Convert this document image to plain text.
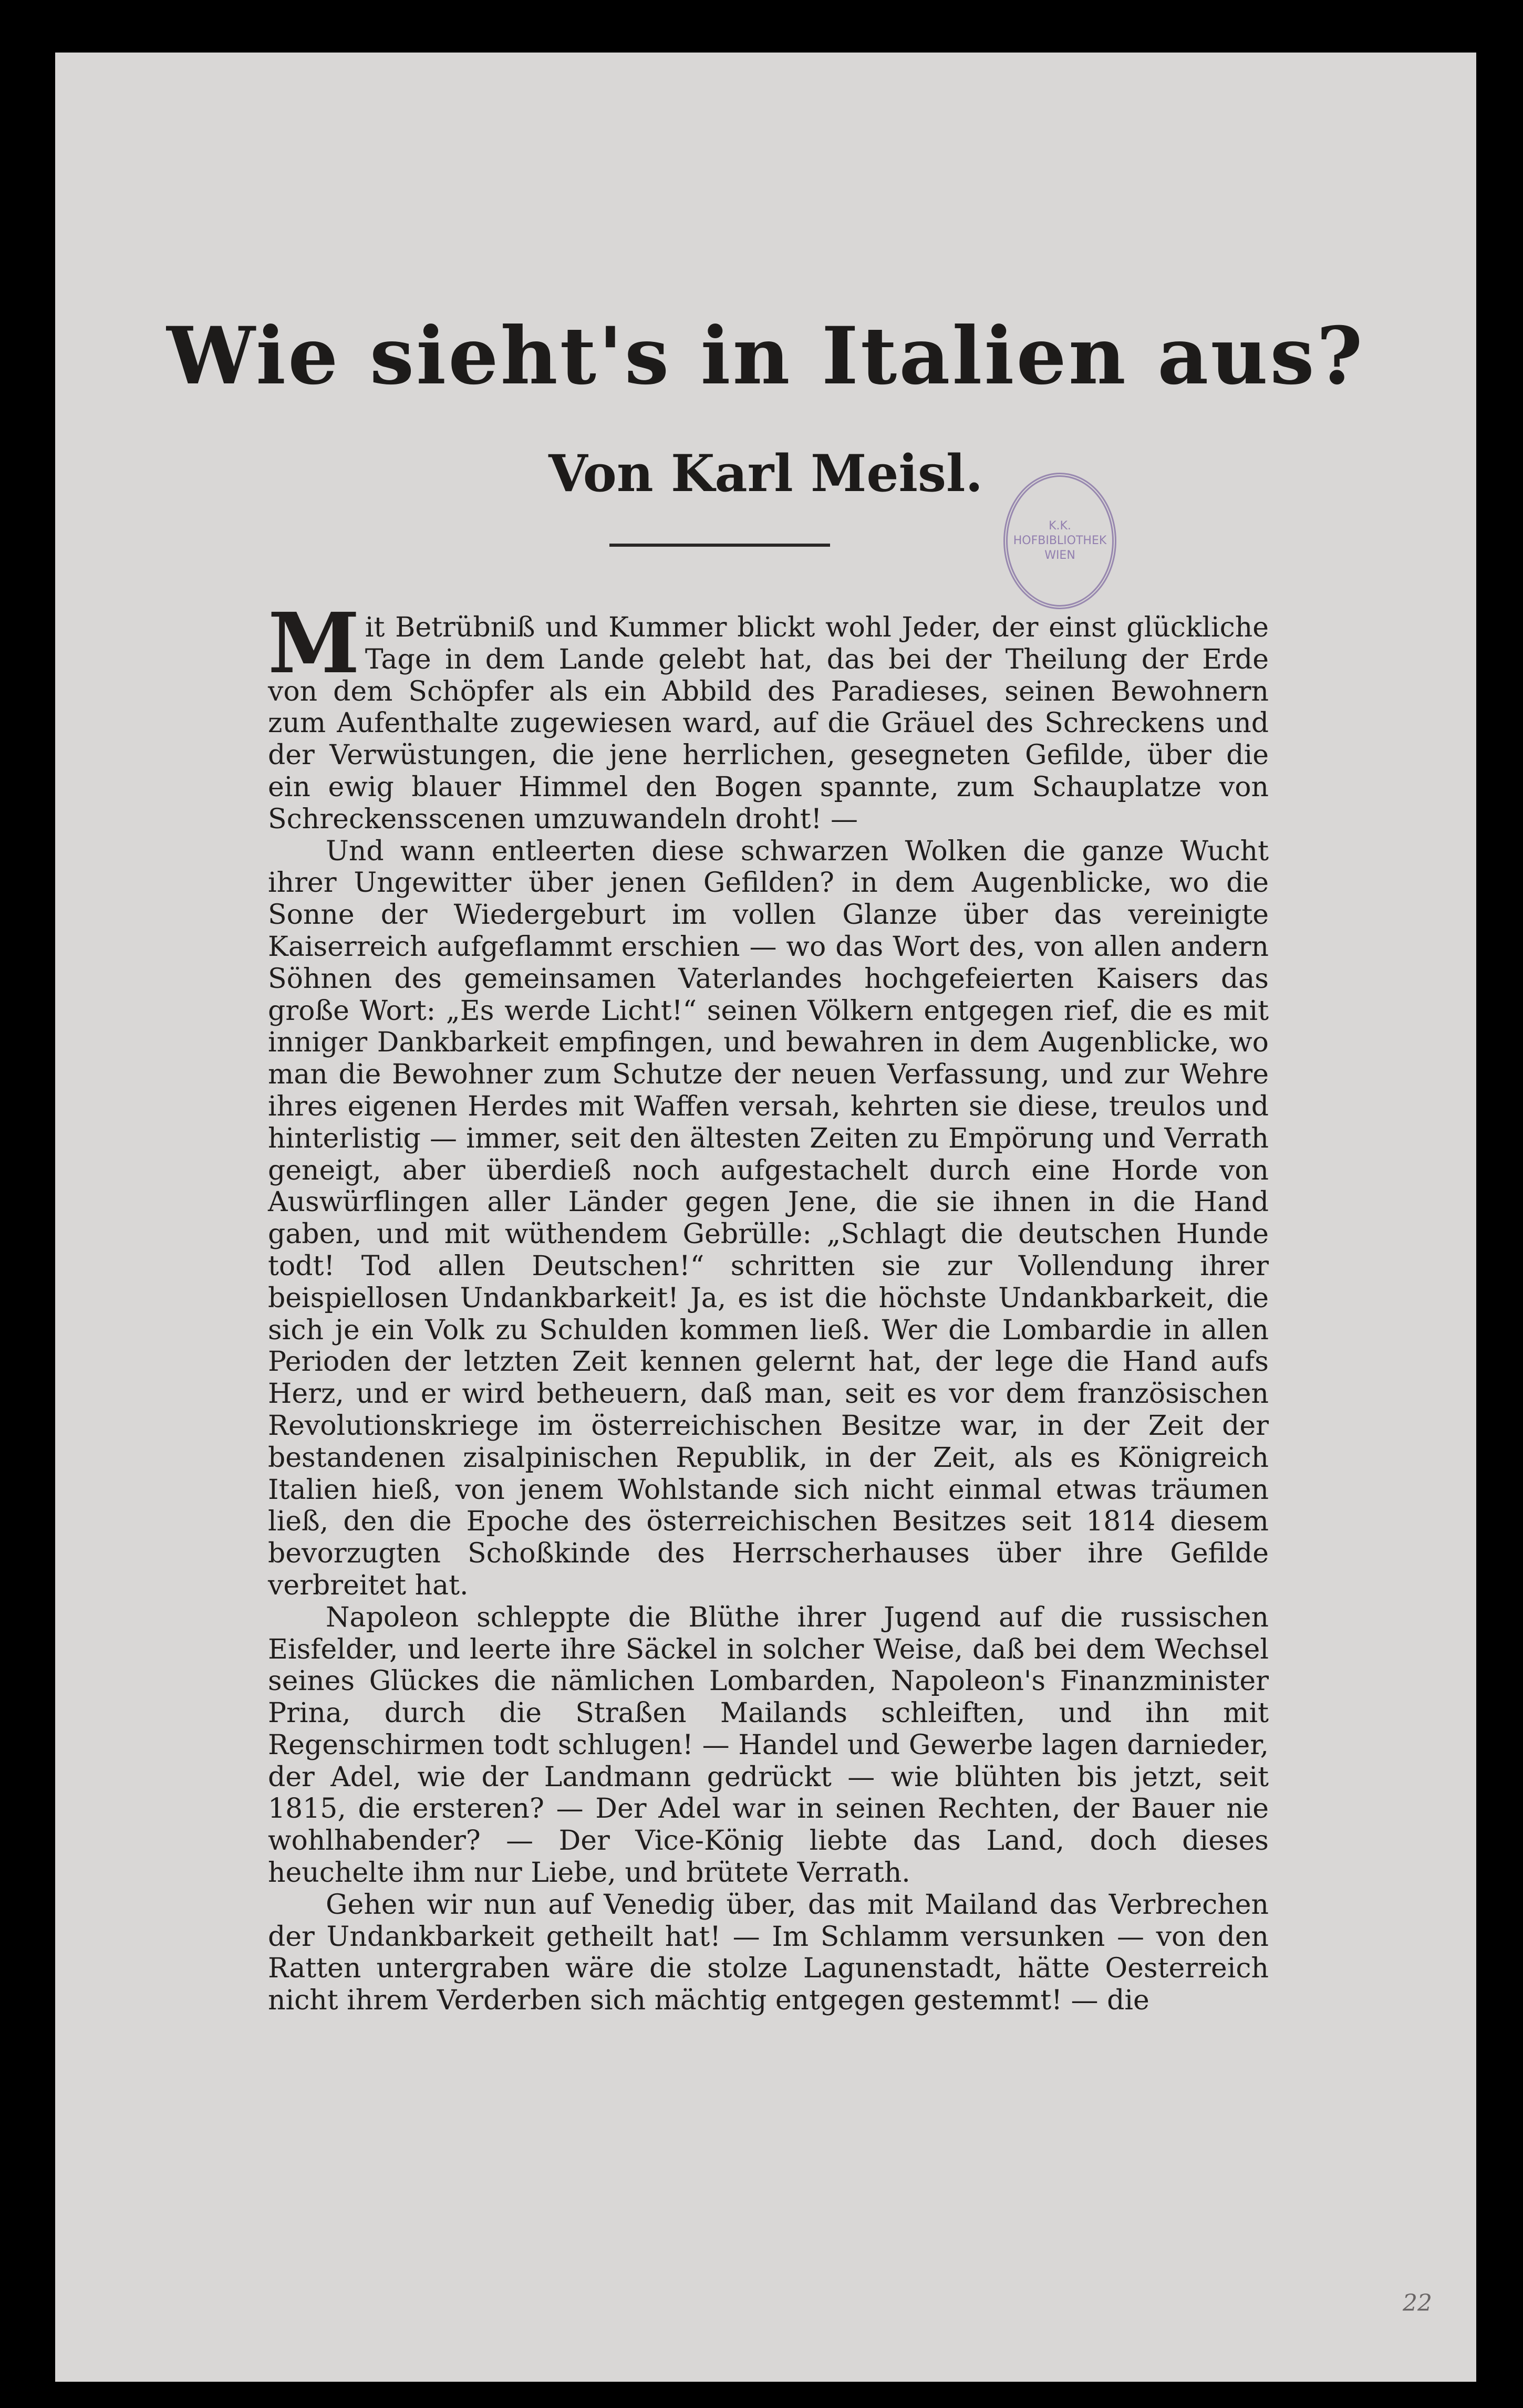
Wie sieht's in Italien aus?
Von Karl Meisl.
K.K. HOFBIBLIOTHEK WIEN

Mit Betrübniß und Kummer blickt wohl Jeder, der einst glückliche Tage in dem Lande gelebt hat, das bei der Theilung der Erde von dem Schöpfer als ein Abbild des Paradieses, seinen Bewohnern zum Aufenthalte zugewiesen ward, auf die Gräuel des Schreckens und der Verwüstungen, die jene herrlichen, gesegneten Gefilde, über die ein ewig blauer Himmel den Bogen spannte, zum Schauplatze von Schreckensscenen umzuwandeln droht! —

Und wann entleerten diese schwarzen Wolken die ganze Wucht ihrer Ungewitter über jenen Gefilden? in dem Augenblicke, wo die Sonne der Wiedergeburt im vollen Glanze über das vereinigte Kaiserreich aufgeflammt erschien — wo das Wort des, von allen andern Söhnen des gemeinsamen Vaterlandes hochgefeierten Kaisers das große Wort: „Es werde Licht!“ seinen Völkern entgegen rief, die es mit inniger Dankbarkeit empfingen, und bewahren in dem Augenblicke, wo man die Bewohner zum Schutze der neuen Verfassung, und zur Wehre ihres eigenen Herdes mit Waffen versah, kehrten sie diese, treulos und hinterlistig — immer, seit den ältesten Zeiten zu Empörung und Verrath geneigt, aber überdieß noch aufgestachelt durch eine Horde von Auswürflingen aller Länder gegen Jene, die sie ihnen in die Hand gaben, und mit wüthendem Gebrülle: „Schlagt die deutschen Hunde todt! Tod allen Deutschen!“ schritten sie zur Vollendung ihrer beispiellosen Undankbarkeit! Ja, es ist die höchste Undankbarkeit, die sich je ein Volk zu Schulden kommen ließ. Wer die Lombardie in allen Perioden der letzten Zeit kennen gelernt hat, der lege die Hand aufs Herz, und er wird betheuern, daß man, seit es vor dem französischen Revolutionskriege im österreichischen Besitze war, in der Zeit der bestandenen zisalpinischen Republik, in der Zeit, als es Königreich Italien hieß, von jenem Wohlstande sich nicht einmal etwas träumen ließ, den die Epoche des österreichischen Besitzes seit 1814 diesem bevorzugten Schoßkinde des Herrscherhauses über ihre Gefilde verbreitet hat.

Napoleon schleppte die Blüthe ihrer Jugend auf die russischen Eisfelder, und leerte ihre Säckel in solcher Weise, daß bei dem Wechsel seines Glückes die nämlichen Lombarden, Napoleon's Finanzminister Prina, durch die Straßen Mailands schleiften, und ihn mit Regenschirmen todt schlugen! — Handel und Gewerbe lagen darnieder, der Adel, wie der Landmann gedrückt — wie blühten bis jetzt, seit 1815, die ersteren? — Der Adel war in seinen Rechten, der Bauer nie wohlhabender? — Der Vice-König liebte das Land, doch dieses heuchelte ihm nur Liebe, und brütete Verrath.

Gehen wir nun auf Venedig über, das mit Mailand das Verbrechen der Undankbarkeit getheilt hat! — Im Schlamm versunken — von den Ratten untergraben wäre die stolze Lagunenstadt, hätte Oesterreich nicht ihrem Verderben sich mächtig entgegen gestemmt! — die

22
